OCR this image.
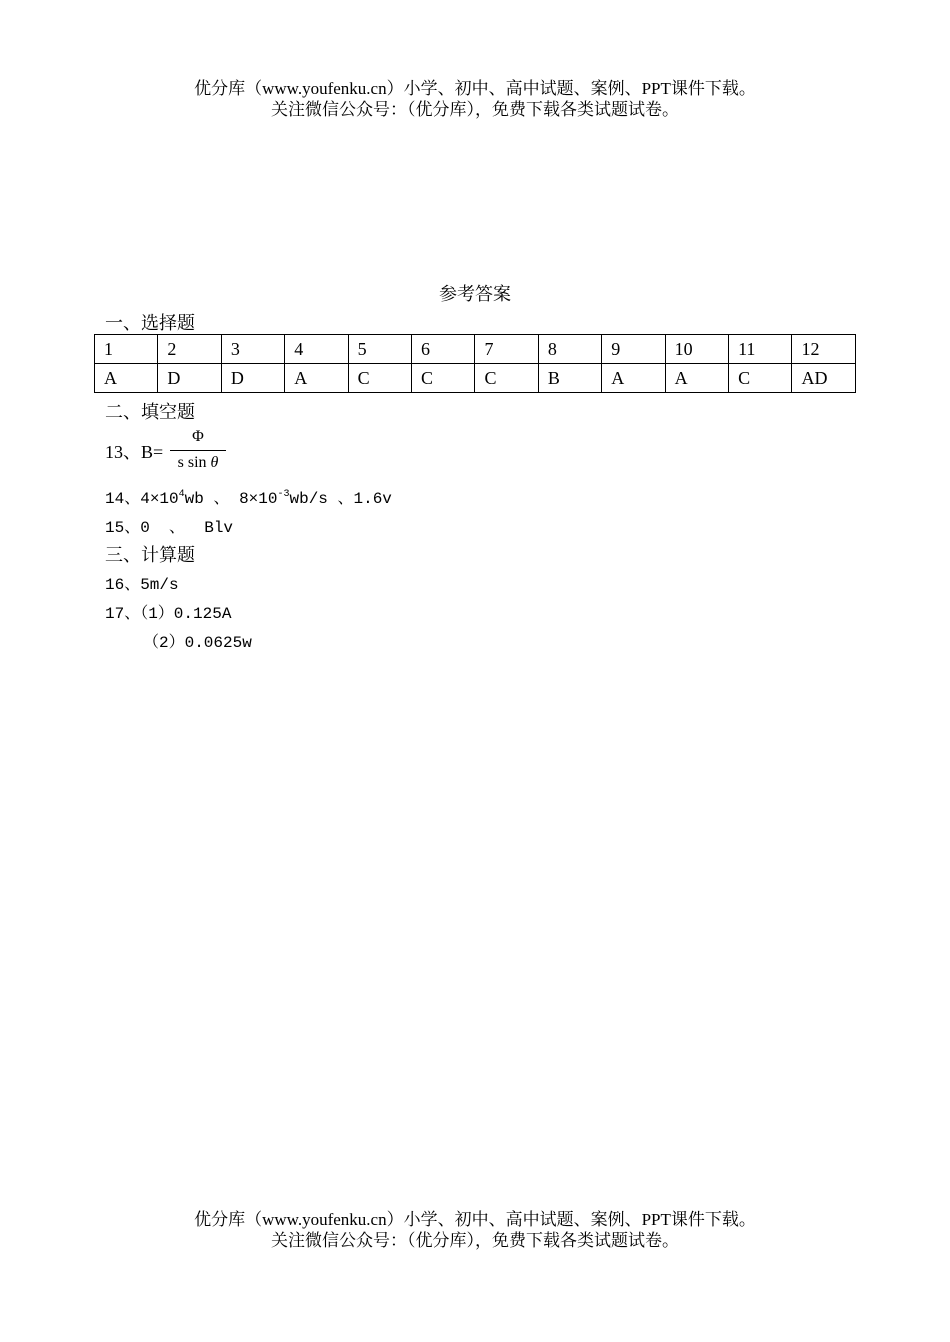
优分库（www.youfenku.cn）小学、初中、高中试题、案例、PPT课件下载。
关注微信公众号：（优分库），免费下载各类试题试卷。
参考答案
一、选择题
1	2	3	4	5	6	7	8	9	10	11	12
A	D	D	A	C	C	C	B	A	A	C	AD
二、填空题
13、B=
Φ
s sin θ
14、$4\times 10^4wb$ 、 $8\times 10^{-3}wb/s$ 、1.6v
15、0  、  Blv
三、计算题
16、5m/s
17、（1）0.125A
（2）0.0625w
优分库（www.youfenku.cn）小学、初中、高中试题、案例、PPT课件下载。
关注微信公众号：（优分库），免费下载各类试题试卷。
